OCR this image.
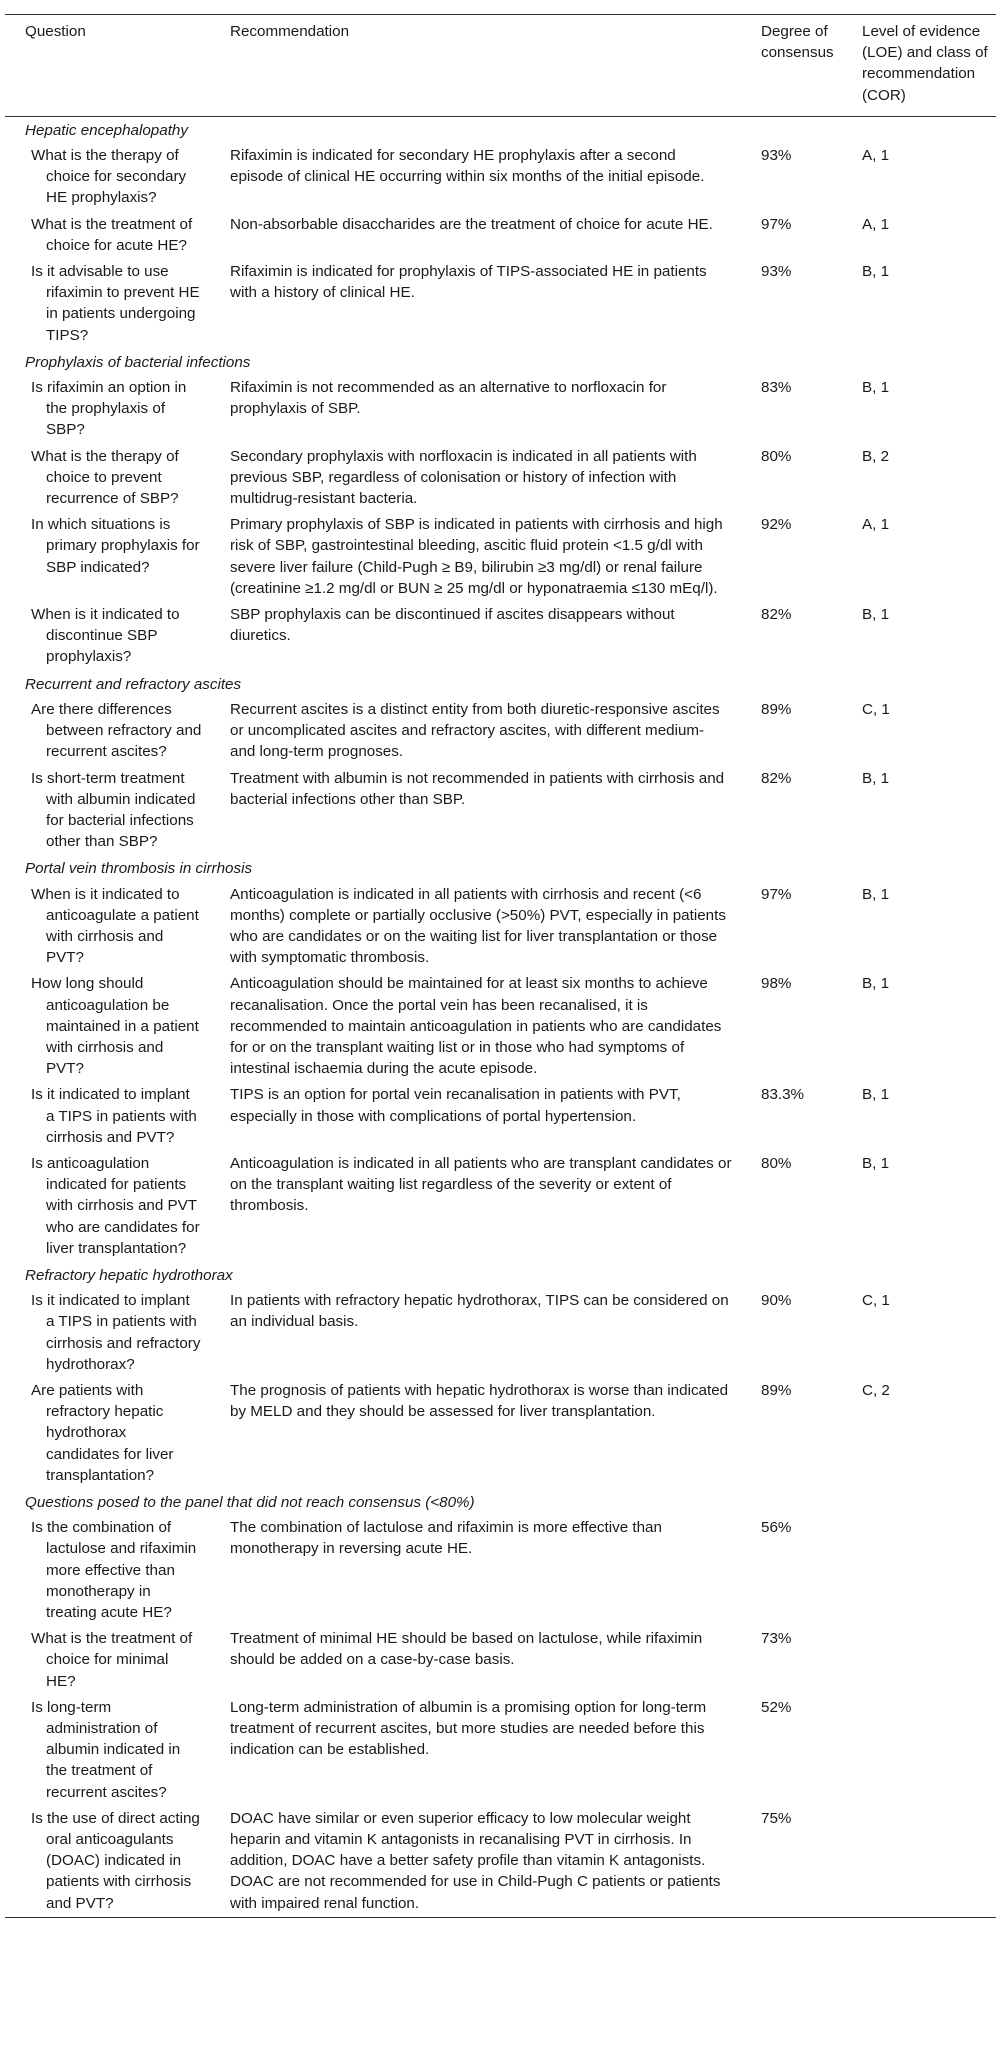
Question	Recommendation	Degree of consensus	Level of evidence (LOE) and class of recommendation (COR)
Hepatic encephalopathy			
What is the therapy of choice for secondary HE prophylaxis?	Rifaximin is indicated for secondary HE prophylaxis after a second episode of clinical HE occurring within six months of the initial episode.	93%	A, 1
What is the treatment of choice for acute HE?	Non-absorbable disaccharides are the treatment of choice for acute HE.	97%	A, 1
Is it advisable to use rifaximin to prevent HE in patients undergoing TIPS?	Rifaximin is indicated for prophylaxis of TIPS-associated HE in patients with a history of clinical HE.	93%	B, 1
Prophylaxis of bacterial infections			
Is rifaximin an option in the prophylaxis of SBP?	Rifaximin is not recommended as an alternative to norfloxacin for prophylaxis of SBP.	83%	B, 1
What is the therapy of choice to prevent recurrence of SBP?	Secondary prophylaxis with norfloxacin is indicated in all patients with previous SBP, regardless of colonisation or history of infection with multidrug-resistant bacteria.	80%	B, 2
In which situations is primary prophylaxis for SBP indicated?	Primary prophylaxis of SBP is indicated in patients with cirrhosis and high risk of SBP, gastrointestinal bleeding, ascitic fluid protein <1.5 g/dl with severe liver failure (Child-Pugh ≥ B9, bilirubin ≥3 mg/dl) or renal failure (creatinine ≥1.2 mg/dl or BUN ≥ 25 mg/dl or hyponatraemia ≤130 mEq/l).	92%	A, 1
When is it indicated to discontinue SBP prophylaxis?	SBP prophylaxis can be discontinued if ascites disappears without diuretics.	82%	B, 1
Recurrent and refractory ascites			
Are there differences between refractory and recurrent ascites?	Recurrent ascites is a distinct entity from both diuretic-responsive ascites or uncomplicated ascites and refractory ascites, with different medium- and long-term prognoses.	89%	C, 1
Is short-term treatment with albumin indicated for bacterial infections other than SBP?	Treatment with albumin is not recommended in patients with cirrhosis and bacterial infections other than SBP.	82%	B, 1
Portal vein thrombosis in cirrhosis			
When is it indicated to anticoagulate a patient with cirrhosis and PVT?	Anticoagulation is indicated in all patients with cirrhosis and recent (<6 months) complete or partially occlusive (>50%) PVT, especially in patients who are candidates or on the waiting list for liver transplantation or those with symptomatic thrombosis.	97%	B, 1
How long should anticoagulation be maintained in a patient with cirrhosis and PVT?	Anticoagulation should be maintained for at least six months to achieve recanalisation. Once the portal vein has been recanalised, it is recommended to maintain anticoagulation in patients who are candidates for or on the transplant waiting list or in those who had symptoms of intestinal ischaemia during the acute episode.	98%	B, 1
Is it indicated to implant a TIPS in patients with cirrhosis and PVT?	TIPS is an option for portal vein recanalisation in patients with PVT, especially in those with complications of portal hypertension.	83.3%	B, 1
Is anticoagulation indicated for patients with cirrhosis and PVT who are candidates for liver transplantation?	Anticoagulation is indicated in all patients who are transplant candidates or on the transplant waiting list regardless of the severity or extent of thrombosis.	80%	B, 1
Refractory hepatic hydrothorax			
Is it indicated to implant a TIPS in patients with cirrhosis and refractory hydrothorax?	In patients with refractory hepatic hydrothorax, TIPS can be considered on an individual basis.	90%	C, 1
Are patients with refractory hepatic hydrothorax candidates for liver transplantation?	The prognosis of patients with hepatic hydrothorax is worse than indicated by MELD and they should be assessed for liver transplantation.	89%	C, 2
Questions posed to the panel that did not reach consensus (<80%)			
Is the combination of lactulose and rifaximin more effective than monotherapy in treating acute HE?	The combination of lactulose and rifaximin is more effective than monotherapy in reversing acute HE.	56%	
What is the treatment of choice for minimal HE?	Treatment of minimal HE should be based on lactulose, while rifaximin should be added on a case-by-case basis.	73%	
Is long-term administration of albumin indicated in the treatment of recurrent ascites?	Long-term administration of albumin is a promising option for long-term treatment of recurrent ascites, but more studies are needed before this indication can be established.	52%	
Is the use of direct acting oral anticoagulants (DOAC) indicated in patients with cirrhosis and PVT?	DOAC have similar or even superior efficacy to low molecular weight heparin and vitamin K antagonists in recanalising PVT in cirrhosis. In addition, DOAC have a better safety profile than vitamin K antagonists. DOAC are not recommended for use in Child-Pugh C patients or patients with impaired renal function.	75%	
